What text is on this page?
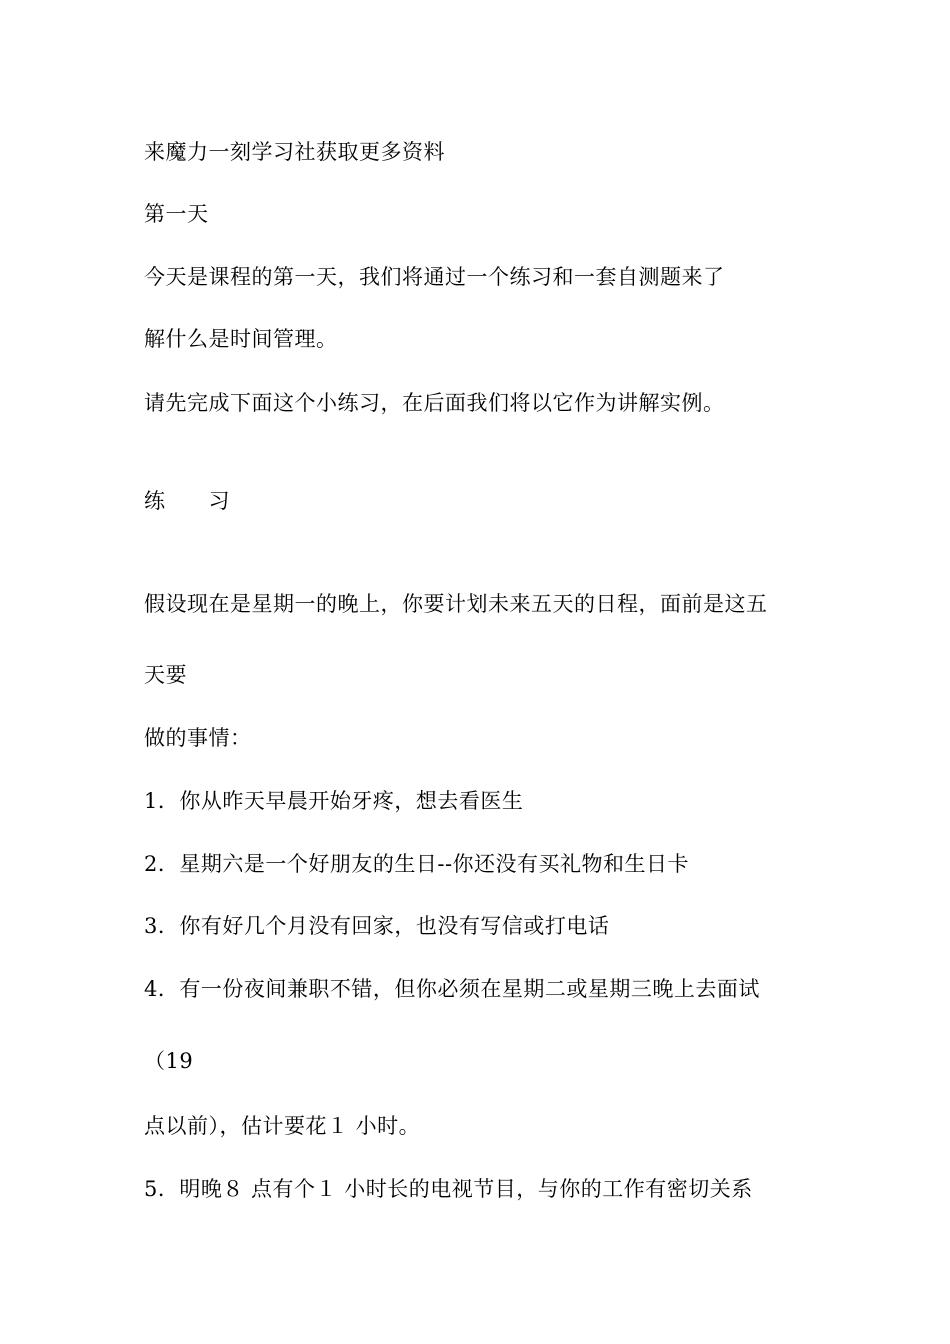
来魔力一刻学习社获取更多资料
第一天
今天是课程的第一天，我们将通过一个练习和一套自测题来了
解什么是时间管理。
请先完成下面这个小练习，在后面我们将以它作为讲解实例。
练　　习
假设现在是星期一的晚上，你要计划未来五天的日程，面前是这五
天要
做的事情：
1．你从昨天早晨开始牙疼，想去看医生
2．星期六是一个好朋友的生日--你还没有买礼物和生日卡
3．你有好几个月没有回家，也没有写信或打电话
4．有一份夜间兼职不错，但你必须在星期二或星期三晚上去面试
（19
点以前），估计要花１ 小时。
5．明晚８ 点有个１ 小时长的电视节目，与你的工作有密切关系
